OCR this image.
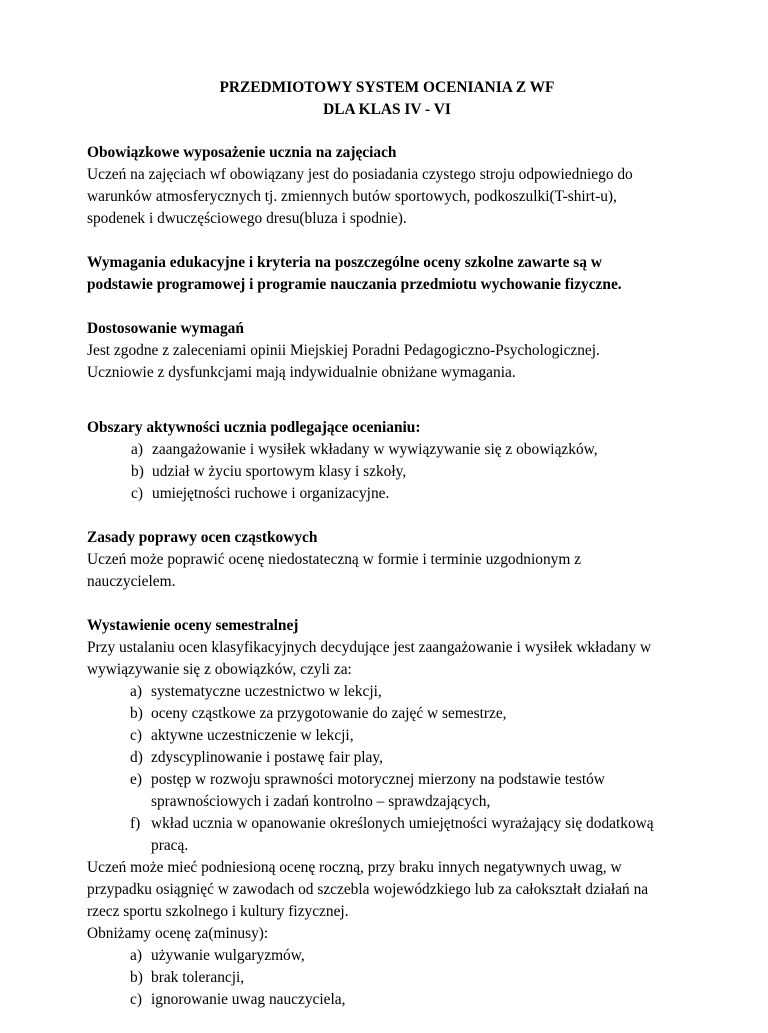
PRZEDMIOTOWY SYSTEM OCENIANIA Z WF

DLA KLAS IV - VI

Obowiązkowe wyposażenie ucznia na zajęciach

Uczeń na zajęciach wf obowiązany jest do posiadania czystego stroju odpowiedniego do

warunków atmosferycznych tj. zmiennych butów sportowych, podkoszulki(T-shirt-u),

spodenek i dwuczęściowego dresu(bluza i spodnie).

Wymagania edukacyjne i kryteria na poszczególne oceny szkolne zawarte są w

podstawie programowej i programie nauczania przedmiotu wychowanie fizyczne.

Dostosowanie wymagań

Jest zgodne z zaleceniami opinii Miejskiej Poradni Pedagogiczno-Psychologicznej.

Uczniowie z dysfunkcjami mają indywidualnie obniżane wymagania.

Obszary aktywności ucznia podlegające ocenianiu:

a) zaangażowanie i wysiłek wkładany w wywiązywanie się z obowiązków,
b) udział w życiu sportowym klasy i szkoły,
c) umiejętności ruchowe i organizacyjne.

Zasady poprawy ocen cząstkowych

Uczeń może poprawić ocenę niedostateczną w formie i terminie uzgodnionym z

nauczycielem.

Wystawienie oceny semestralnej

Przy ustalaniu ocen klasyfikacyjnych decydujące jest zaangażowanie i wysiłek wkładany w

wywiązywanie się z obowiązków, czyli za:

a) systematyczne uczestnictwo w lekcji,
b) oceny cząstkowe za przygotowanie do zajęć w semestrze,
c) aktywne uczestniczenie w lekcji,
d) zdyscyplinowanie i postawę fair play,
e) postęp w rozwoju sprawności motorycznej mierzony na podstawie testów
sprawnościowych i zadań kontrolno – sprawdzających,
f) wkład ucznia w opanowanie określonych umiejętności wyrażający się dodatkową
pracą.

Uczeń może mieć podniesioną ocenę roczną, przy braku innych negatywnych uwag, w

przypadku osiągnięć w zawodach od szczebla wojewódzkiego lub za całokształt działań na

rzecz sportu szkolnego i kultury fizycznej.

Obniżamy ocenę za(minusy):

a) używanie wulgaryzmów,
b) brak tolerancji,
c) ignorowanie uwag nauczyciela,
